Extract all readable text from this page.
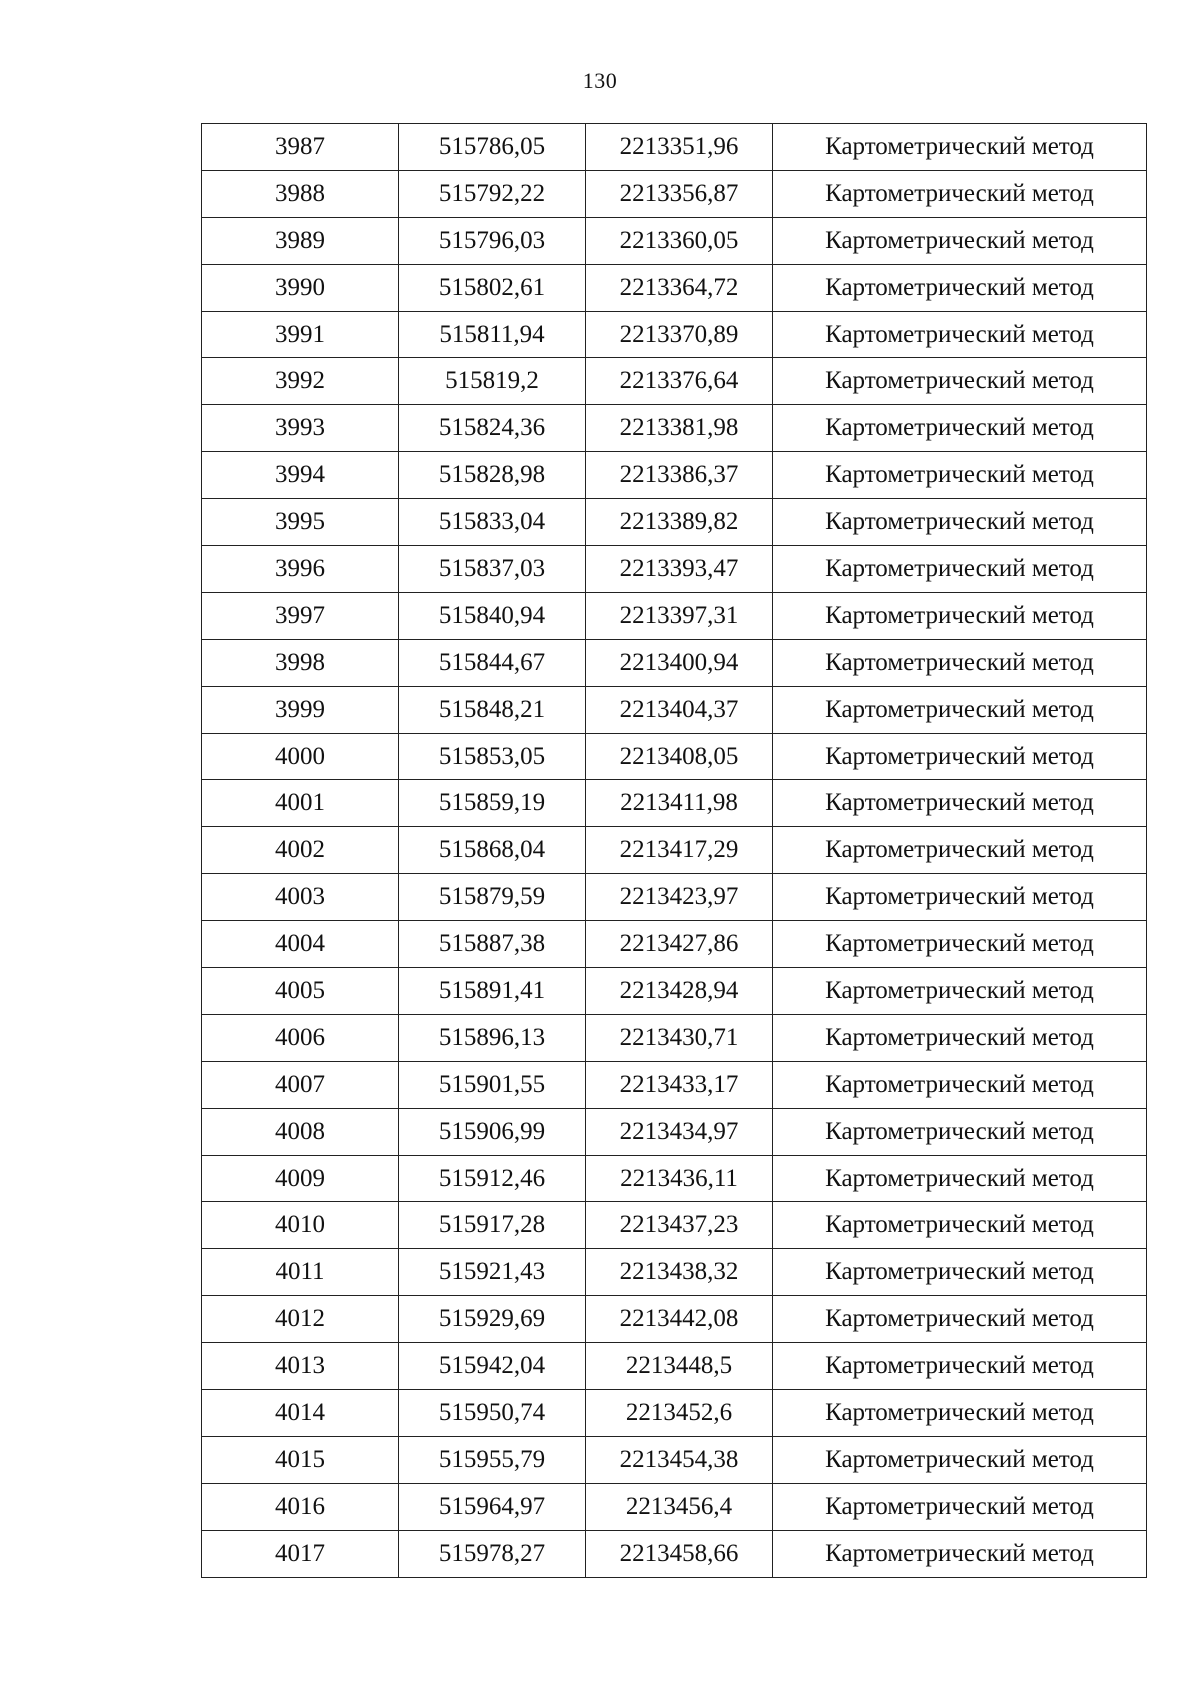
130
3987	515786,05	2213351,96	Картометрический метод
3988	515792,22	2213356,87	Картометрический метод
3989	515796,03	2213360,05	Картометрический метод
3990	515802,61	2213364,72	Картометрический метод
3991	515811,94	2213370,89	Картометрический метод
3992	515819,2	2213376,64	Картометрический метод
3993	515824,36	2213381,98	Картометрический метод
3994	515828,98	2213386,37	Картометрический метод
3995	515833,04	2213389,82	Картометрический метод
3996	515837,03	2213393,47	Картометрический метод
3997	515840,94	2213397,31	Картометрический метод
3998	515844,67	2213400,94	Картометрический метод
3999	515848,21	2213404,37	Картометрический метод
4000	515853,05	2213408,05	Картометрический метод
4001	515859,19	2213411,98	Картометрический метод
4002	515868,04	2213417,29	Картометрический метод
4003	515879,59	2213423,97	Картометрический метод
4004	515887,38	2213427,86	Картометрический метод
4005	515891,41	2213428,94	Картометрический метод
4006	515896,13	2213430,71	Картометрический метод
4007	515901,55	2213433,17	Картометрический метод
4008	515906,99	2213434,97	Картометрический метод
4009	515912,46	2213436,11	Картометрический метод
4010	515917,28	2213437,23	Картометрический метод
4011	515921,43	2213438,32	Картометрический метод
4012	515929,69	2213442,08	Картометрический метод
4013	515942,04	2213448,5	Картометрический метод
4014	515950,74	2213452,6	Картометрический метод
4015	515955,79	2213454,38	Картометрический метод
4016	515964,97	2213456,4	Картометрический метод
4017	515978,27	2213458,66	Картометрический метод
